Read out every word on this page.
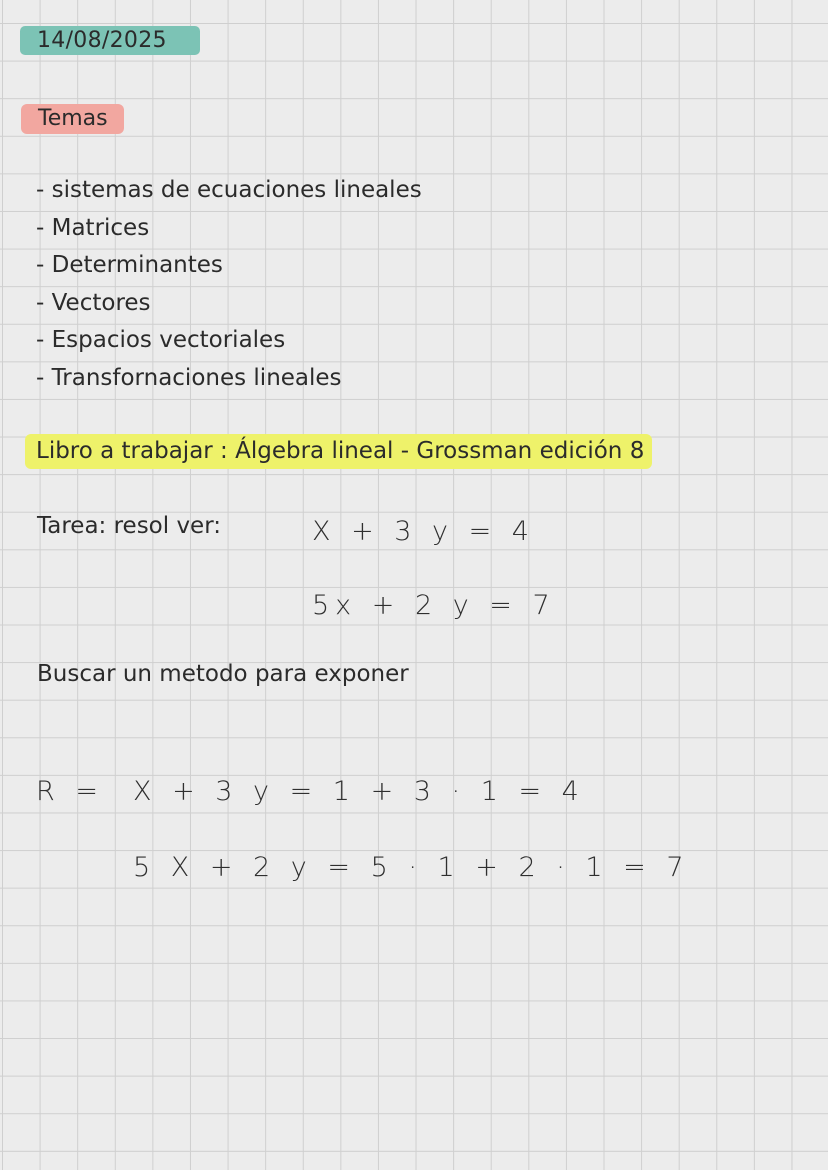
14/08/2025
Temas
- sistemas de ecuaciones lineales
- Matrices
- Determinantes
- Vectores
- Espacios vectoriales
- Transfornaciones lineales
Libro a trabajar : Álgebra lineal - Grossman edición 8
Tarea: resol ver:	X + 3 y = 4
5x + 2 y = 7
Buscar un metodo para exponer
R = X + 3 y = 1 + 3 · 1 = 4
5 X + 2 y = 5 · 1 + 2 · 1 = 7
